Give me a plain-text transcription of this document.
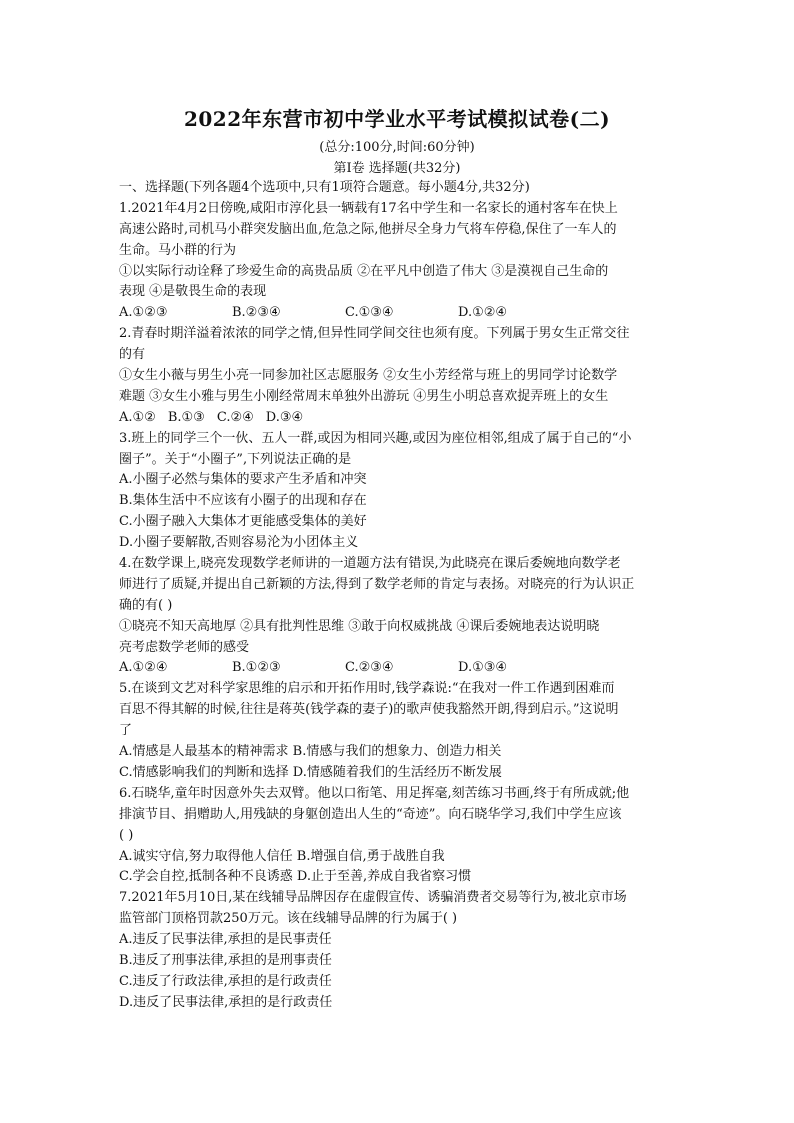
2022年东营市初中学业水平考试模拟试卷(二)
(总分:100分,时间:60分钟)
第Ⅰ卷 选择题(共32分)
一、选择题(下列各题4个选项中,只有1项符合题意。每小题4分,共32分)
1.2021年4月2日傍晚,咸阳市淳化县一辆载有17名中学生和一名家长的通村客车在快上
高速公路时,司机马小群突发脑出血,危急之际,他拼尽全身力气将车停稳,保住了一车人的
生命。马小群的行为
①以实际行动诠释了珍爱生命的高贵品质 ②在平凡中创造了伟大 ③是漠视自己生命的
表现 ④是敬畏生命的表现
A.①②③	B.②③④	C.①③④	D.①②④
2.青春时期洋溢着浓浓的同学之情,但异性同学间交往也须有度。下列属于男女生正常交往
的有
①女生小薇与男生小亮一同参加社区志愿服务 ②女生小芳经常与班上的男同学讨论数学
难题 ③女生小雅与男生小刚经常周末单独外出游玩 ④男生小明总喜欢捉弄班上的女生
A.①② B.①③ C.②④ D.③④
3.班上的同学三个一伙、五人一群,或因为相同兴趣,或因为座位相邻,组成了属于自己的“小
圈子”。关于“小圈子”,下列说法正确的是
A.小圈子必然与集体的要求产生矛盾和冲突
B.集体生活中不应该有小圈子的出现和存在
C.小圈子融入大集体才更能感受集体的美好
D.小圈子要解散,否则容易沦为小团体主义
4.在数学课上,晓亮发现数学老师讲的一道题方法有错误,为此晓亮在课后委婉地向数学老
师进行了质疑,并提出自己新颖的方法,得到了数学老师的肯定与表扬。对晓亮的行为认识正
确的有( )
①晓亮不知天高地厚 ②具有批判性思维 ③敢于向权威挑战 ④课后委婉地表达说明晓
亮考虑数学老师的感受
A.①②④	B.①②③	C.②③④	D.①③④
5.在谈到文艺对科学家思维的启示和开拓作用时,钱学森说:“在我对一件工作遇到困难而
百思不得其解的时候,往往是蒋英(钱学森的妻子)的歌声使我豁然开朗,得到启示。”这说明
了
A.情感是人最基本的精神需求 B.情感与我们的想象力、创造力相关
C.情感影响我们的判断和选择 D.情感随着我们的生活经历不断发展
6.石晓华,童年时因意外失去双臂。他以口衔笔、用足挥毫,刻苦练习书画,终于有所成就;他
排演节目、捐赠助人,用残缺的身躯创造出人生的“奇迹”。向石晓华学习,我们中学生应该
( )
A.诚实守信,努力取得他人信任 B.增强自信,勇于战胜自我
C.学会自控,抵制各种不良诱惑 D.止于至善,养成自我省察习惯
7.2021年5月10日,某在线辅导品牌因存在虚假宣传、诱骗消费者交易等行为,被北京市场
监管部门顶格罚款250万元。该在线辅导品牌的行为属于( )
A.违反了民事法律,承担的是民事责任
B.违反了刑事法律,承担的是刑事责任
C.违反了行政法律,承担的是行政责任
D.违反了民事法律,承担的是行政责任
